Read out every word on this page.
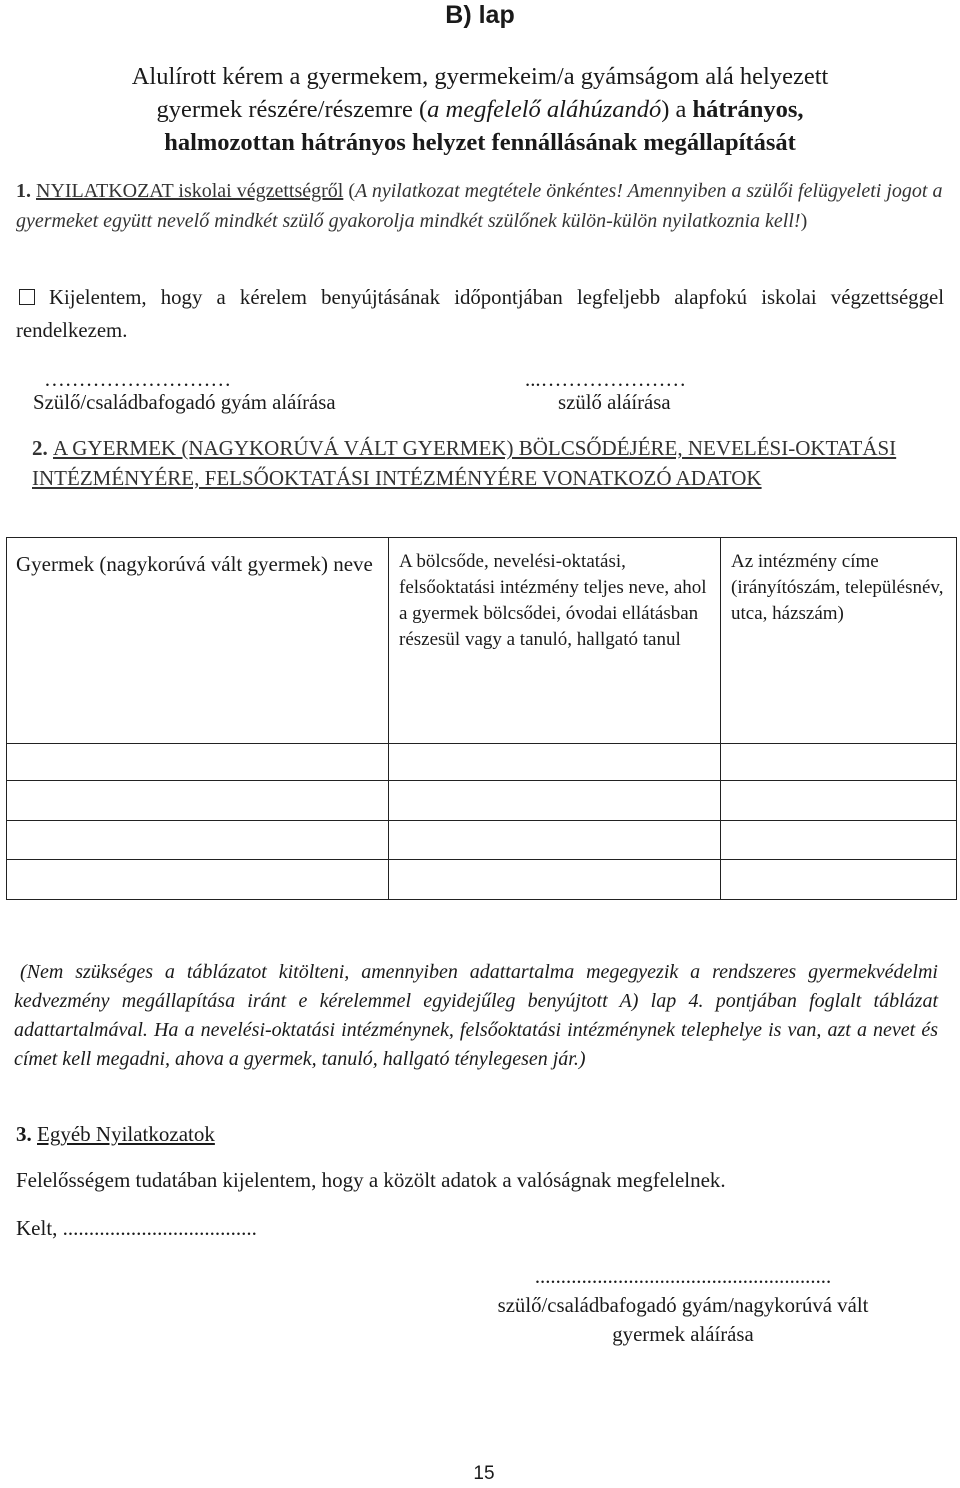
B) lap
Alulírott kérem a gyermekem, gyermekeim/a gyámságom alá helyezett
gyermek részére/részemre (a megfelelő aláhúzandó) a hátrányos,
halmozottan hátrányos helyzet fennállásának megállapítását
1. NYILATKOZAT iskolai végzettségről (A nyilatkozat megtétele önkéntes! Amennyiben a szülői felügyeleti jogot a gyermeket együtt nevelő mindkét szülő gyakorolja mindkét szülőnek külön-külön nyilatkoznia kell!)
Kijelentem, hogy a kérelem benyújtásának időpontjában legfeljebb alapfokú iskolai végzettséggel rendelkezem.
………………………
Szülő/családbafogadó gyám aláírása
...…………………
szülő aláírása
2. A GYERMEK (NAGYKORÚVÁ VÁLT GYERMEK) BÖLCSŐDÉJÉRE, NEVELÉSI-OKTATÁSI INTÉZMÉNYÉRE, FELSŐOKTATÁSI INTÉZMÉNYÉRE VONATKOZÓ ADATOK
Gyermek (nagykorúvá vált gyermek) neve	A bölcsőde, nevelési-oktatási, felsőoktatási intézmény teljes neve, ahol a gyermek bölcsődei, óvodai ellátásban részesül vagy a tanuló, hallgató tanul	Az intézmény címe (irányítószám, településnév, utca, házszám)

(Nem szükséges a táblázatot kitölteni, amennyiben adattartalma megegyezik a rendszeres gyermekvédelmi kedvezmény megállapítása iránt e kérelemmel egyidejűleg benyújtott A) lap 4. pontjában foglalt táblázat adattartalmával. Ha a nevelési-oktatási intézménynek, felsőoktatási intézménynek telephelye is van, azt a nevet és címet kell megadni, ahova a gyermek, tanuló, hallgató ténylegesen jár.)
3. Egyéb Nyilatkozatok
Felelősségem tudatában kijelentem, hogy a közölt adatok a valóságnak megfelelnek.
Kelt, .....................................
.........................................................
szülő/családbafogadó gyám/nagykorúvá vált
gyermek aláírása
15
